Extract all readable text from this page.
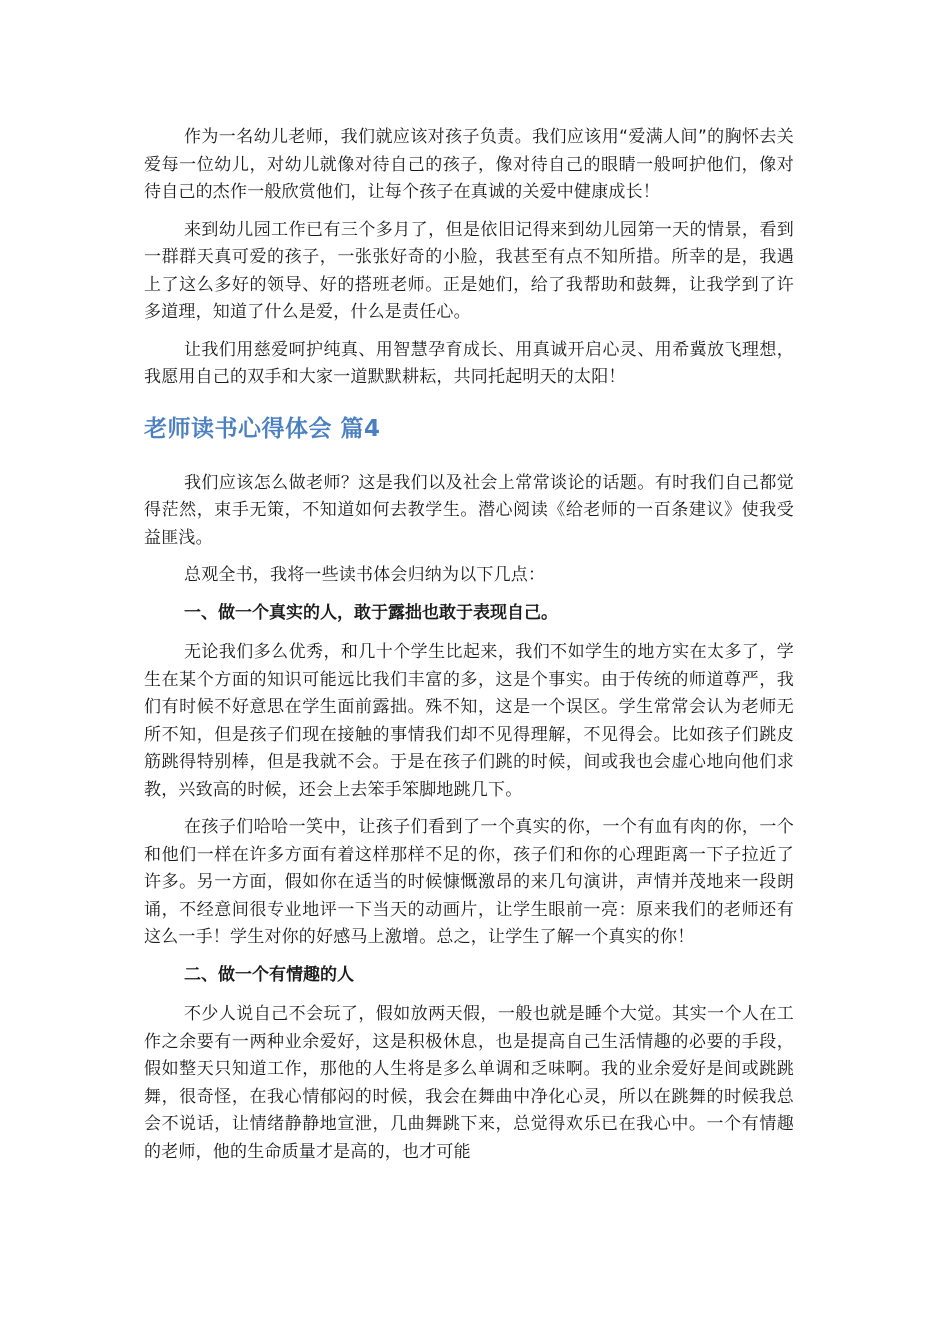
作为一名幼儿老师，我们就应该对孩子负责。我们应该用“爱满人间”的胸怀去关爱每一位幼儿，对幼儿就像对待自己的孩子，像对待自己的眼睛一般呵护他们，像对待自己的杰作一般欣赏他们，让每个孩子在真诚的关爱中健康成长！

来到幼儿园工作已有三个多月了，但是依旧记得来到幼儿园第一天的情景，看到一群群天真可爱的孩子，一张张好奇的小脸，我甚至有点不知所措。所幸的是，我遇上了这么多好的领导、好的搭班老师。正是她们，给了我帮助和鼓舞，让我学到了许多道理，知道了什么是爱，什么是责任心。

让我们用慈爱呵护纯真、用智慧孕育成长、用真诚开启心灵、用希冀放飞理想，我愿用自己的双手和大家一道默默耕耘，共同托起明天的太阳！

老师读书心得体会 篇4

我们应该怎么做老师？这是我们以及社会上常常谈论的话题。有时我们自己都觉得茫然，束手无策，不知道如何去教学生。潜心阅读《给老师的一百条建议》使我受益匪浅。

总观全书，我将一些读书体会归纳为以下几点：

一、做一个真实的人，敢于露拙也敢于表现自己。

无论我们多么优秀，和几十个学生比起来，我们不如学生的地方实在太多了，学生在某个方面的知识可能远比我们丰富的多，这是个事实。由于传统的师道尊严，我们有时候不好意思在学生面前露拙。殊不知，这是一个误区。学生常常会认为老师无所不知，但是孩子们现在接触的事情我们却不见得理解，不见得会。比如孩子们跳皮筋跳得特别棒，但是我就不会。于是在孩子们跳的时候，间或我也会虚心地向他们求教，兴致高的时候，还会上去笨手笨脚地跳几下。

在孩子们哈哈一笑中，让孩子们看到了一个真实的你，一个有血有肉的你，一个和他们一样在许多方面有着这样那样不足的你，孩子们和你的心理距离一下子拉近了许多。另一方面，假如你在适当的时候慷慨激昂的来几句演讲，声情并茂地来一段朗诵，不经意间很专业地评一下当天的动画片，让学生眼前一亮：原来我们的老师还有这么一手！学生对你的好感马上激增。总之，让学生了解一个真实的你！

二、做一个有情趣的人

不少人说自己不会玩了，假如放两天假，一般也就是睡个大觉。其实一个人在工作之余要有一两种业余爱好，这是积极休息，也是提高自己生活情趣的必要的手段，假如整天只知道工作，那他的人生将是多么单调和乏味啊。我的业余爱好是间或跳跳舞，很奇怪，在我心情郁闷的时候，我会在舞曲中净化心灵，所以在跳舞的时候我总会不说话，让情绪静静地宣泄，几曲舞跳下来，总觉得欢乐已在我心中。一个有情趣的老师，他的生命质量才是高的，也才可能
